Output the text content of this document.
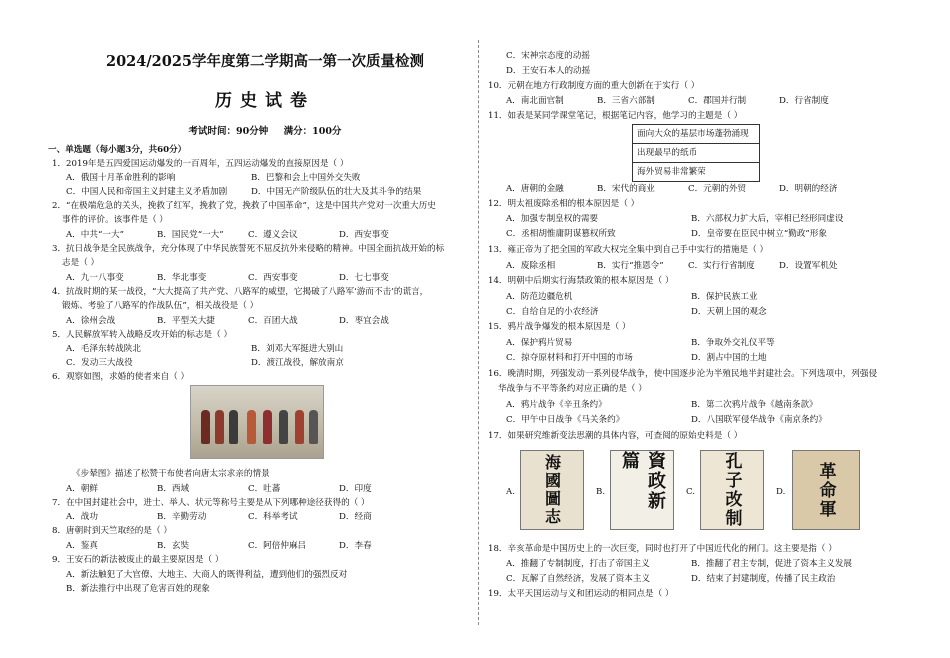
2024/2025学年度第二学期高一第一次质量检测
历史试卷
考试时间：90分钟 满分：100分
一、单选题（每小题3分，共60分）
1．2019年是五四爱国运动爆发的一百周年，五四运动爆发的直接原因是（ ）
A．俄国十月革命胜利的影响	B．巴黎和会上中国外交失败
C．中国人民和帝国主义封建主义矛盾加剧	D．中国无产阶级队伍的壮大及其斗争的结果
2．“在极端危急的关头，挽救了红军，挽救了党，挽救了中国革命”，这是中国共产党对一次重大历史
事件的评价。该事件是（ ）
A．中共“一大”	B．国民党“一大”	C．遵义会议	D．西安事变
3．抗日战争是全民族战争，充分体现了中华民族誓死不屈反抗外来侵略的精神。中国全面抗战开始的标
志是（ ）
A．九一八事变	B．华北事变	C．西安事变	D．七七事变
4．抗战时期的某一战役，“大大提高了共产党、八路军的威望，它揭破了八路军‘游而不击’的谎言，
锻炼、考验了八路军的作战队伍”，相关战役是（ ）
A．徐州会战	B．平型关大捷	C．百团大战	D．枣宜会战
5．人民解放军转入战略反攻开始的标志是（ ）
A．毛泽东转战陕北	B．刘邓大军挺进大别山
C．发动三大战役	D．渡江战役，解放南京
6．观察如图，求婚的使者来自（ ）
《步辇图》描述了松赞干布使者向唐太宗求亲的情景
A．朝鲜	B．西域	C．吐蕃	D．印度
7．在中国封建社会中，进士、举人、状元等称号主要是从下列哪种途径获得的（ ）
A．战功	B．辛勤劳动	C．科举考试	D．经商
8．唐朝时到天竺取经的是（ ）
A．鉴真	B．玄奘	C．阿倍仲麻吕	D．李春
9．王安石的新法被废止的最主要原因是（ ）
A．新法触犯了大官僚、大地主、大商人的既得利益，遭到他们的强烈反对
B．新法推行中出现了危害百姓的现象
C．宋神宗态度的动摇
D．王安石本人的动摇
10．元朝在地方行政制度方面的重大创新在于实行（ ）
A．南北面官制	B．三省六部制	C．郡国并行制	D．行省制度
11．如表是某同学课堂笔记，根据笔记内容，他学习的主题是（ ）
面向大众的基层市场蓬勃涌现
出现最早的纸币
海外贸易非常繁荣
A．唐朝的金融	B．宋代的商业	C．元朝的外贸	D．明朝的经济
12．明太祖废除丞相的根本原因是（ ）
A．加强专制皇权的需要	B．六部权力扩大后，宰相已经形同虚设
C．丞相胡惟庸阴谋篡权所致	D．皇帝要在臣民中树立“勤政”形象
13．雍正帝为了把全国的军政大权完全集中到自己手中实行的措施是（ ）
A．废除丞相	B．实行“推恩令”	C．实行行省制度	D．设置军机处
14．明朝中后期实行海禁政策的根本原因是（ ）
A．防范边疆危机	B．保护民族工业
C．自给自足的小农经济	D．天朝上国的观念
15．鸦片战争爆发的根本原因是（ ）
A．保护鸦片贸易	B．争取外交礼仪平等
C．掠夺原材料和打开中国的市场	D．割占中国的土地
16．晚清时期，列强发动一系列侵华战争，使中国逐步沦为半殖民地半封建社会。下列选项中，列强侵
华战争与不平等条约对应正确的是（ ）
A．鸦片战争《辛丑条约》	B．第二次鸦片战争《越南条款》
C．甲午中日战争《马关条约》	D．八国联军侵华战争《南京条约》
17．如果研究维新变法思潮的具体内容，可查阅的原始史料是（ ）
A. 海國圖志	B.	資政新篇
C. 孔子改制	D. 革命軍
18．辛亥革命是中国历史上的一次巨变，同时也打开了中国近代化的闸门。这主要是指（ ）
A．推翻了专制制度，打击了帝国主义	B．推翻了君主专制，促进了资本主义发展
C．瓦解了自然经济，发展了资本主义	D．结束了封建制度，传播了民主政治
19．太平天国运动与义和团运动的相同点是（ ）
